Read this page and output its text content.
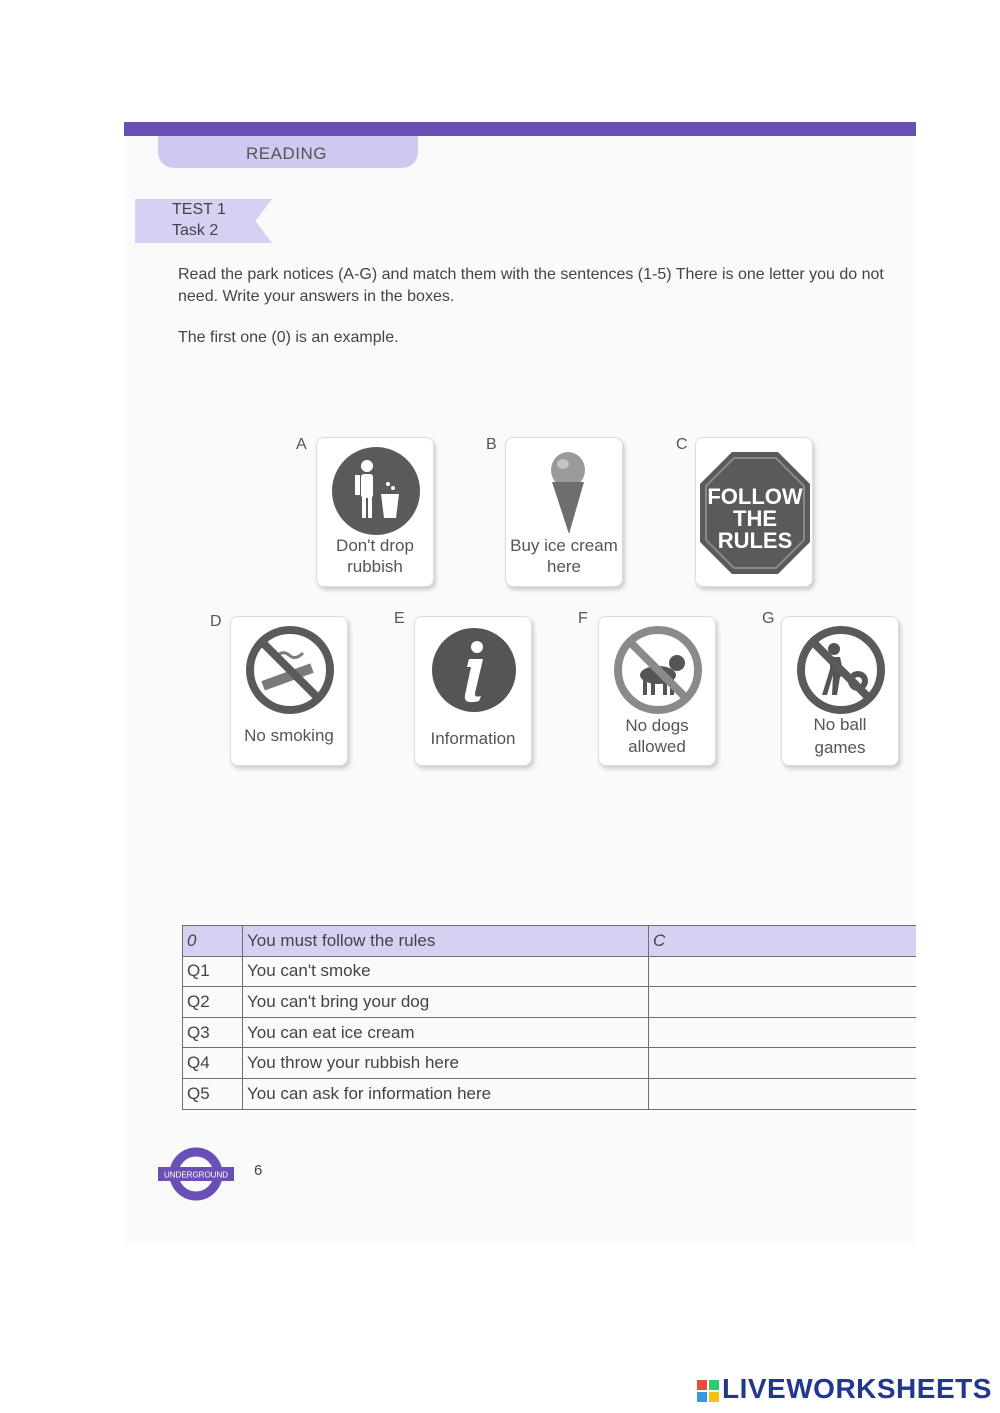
READING
TEST 1
Task 2
Read the park notices (A-G) and match them with the sentences (1-5) There is one letter you do not need. Write your answers in the boxes.
The first one (0) is an example.
A
Don't drop
rubbish
B
Buy ice cream
here
C
FOLLOW
THE
RULES
D
No smoking
E
Information
F
No dogs
allowed
G
No ball
games
0	You must follow the rules	C
Q1	You can't smoke	
Q2	You can't bring your dog	
Q3	You can eat ice cream	
Q4	You throw your rubbish here	
Q5	You can ask for information here	
UNDERGROUND 6
LIVEWORKSHEETS
